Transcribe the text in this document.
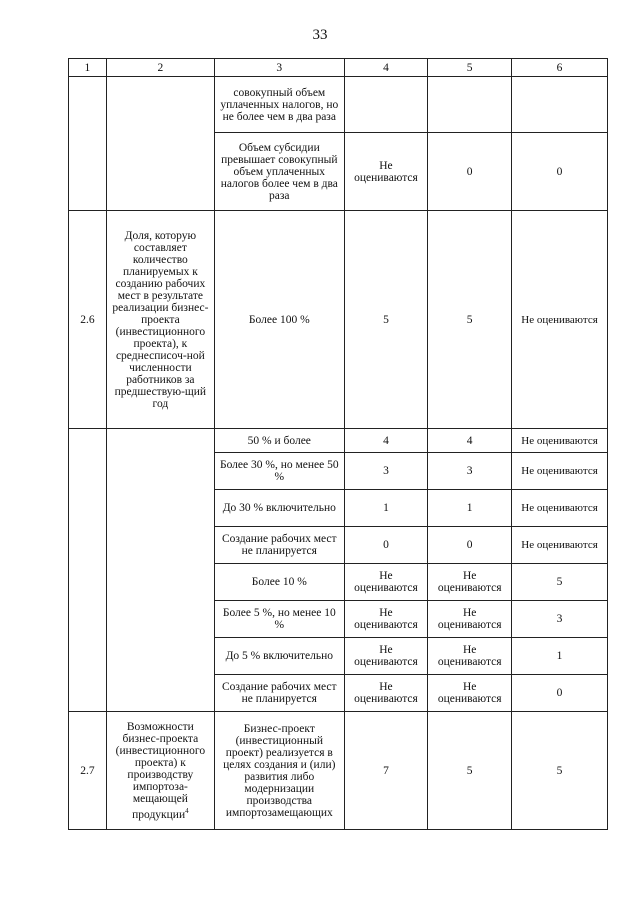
33
1	2	3	4	5	6
		совокупный объем уплаченных налогов, но не более чем в два раза			
		Объем субсидии превышает совокупный объем уплаченных налогов более чем в два раза	Не оцениваются	0	0
2.6	Доля, которую составляет количество планируемых к созданию рабочих мест в результате реализации бизнес-проекта (инвестиционного проекта), к среднесписоч-ной численности работников за предшествую-щий год	Более 100 %	5	5	Не оцениваются
		50 % и более	4	4	Не оцениваются
		Более 30 %, но менее 50 %	3	3	Не оцениваются
		До 30 % включительно	1	1	Не оцениваются
		Создание рабочих мест не планируется	0	0	Не оцениваются
		Более 10 %	Не оцениваются	Не оцениваются	5
		Более 5 %, но менее 10 %	Не оцениваются	Не оцениваются	3
		До 5 % включительно	Не оцениваются	Не оцениваются	1
		Создание рабочих мест не планируется	Не оцениваются	Не оцениваются	0
2.7	Возможности бизнес-проекта (инвестиционного проекта) к производству импортоза-мещающей продукции$^4$	Бизнес-проект (инвестиционный проект) реализуется в целях создания и (или) развития либо модернизации производства импортозамещающих	7	5	5
